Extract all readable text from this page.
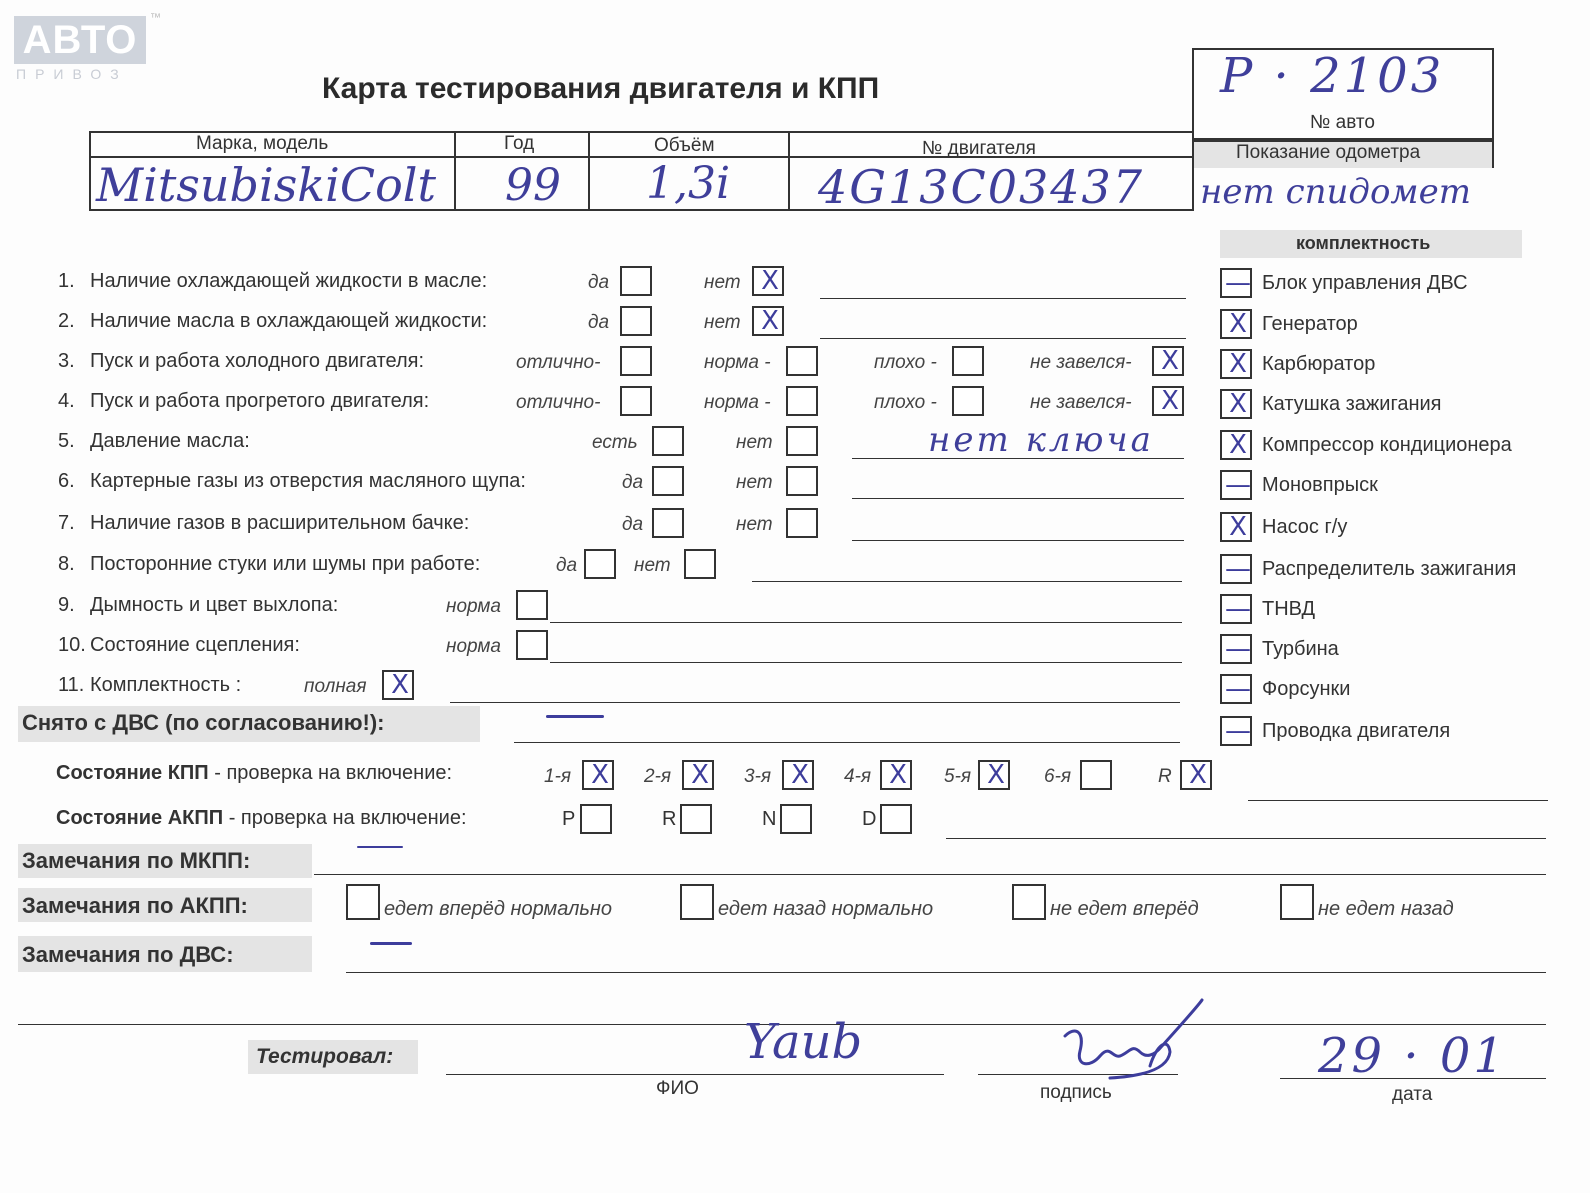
АВТО	™
ПРИВОЗ	Карта тестирования двигателя и КПП	Р · 2103
№ авто
Показание одометра
нет спидомет
Марка, модель	Год	Объём	№ двигателя
MitsubiskiColt 99 1,3i 4G13C03437
комплектность
— Блок управления ДВС
X Генератор
X Карбюратор
X Катушка зажигания
X Компрессор кондиционера
— Моновпрыск
X Насос г/у
— Распределитель зажигания
— ТНВД
— Турбина
— Форсунки
— Проводка двигателя
1. Наличие охлаждающей жидкости в масле:	да	нет X
2. Наличие масла в охлаждающей жидкости:	да	нет X
3. Пуск и работа холодного двигателя:	отлично-	норма -	плохо -	не завелся- X
4. Пуск и работа прогретого двигателя:	отлично-	норма -	плохо -	не завелся- X
5. Давление масла:	есть	нет	нет ключа
6. Картерные газы из отверстия масляного щупа:	да	нет
7. Наличие газов в расширительном бачке:	да	нет
8. Посторонние стуки или шумы при работе:	да	нет
9. Дымность и цвет выхлопа:	норма
10. Состояние сцепления:	норма
11. Комплектность :	полная X
Снято с ДВС (по согласованию!):
Состояние КПП - проверка на включение:	1-я X	2-я X	3-я X	4-я X	5-я X	6-я	R X
Состояние АКПП - проверка на включение:	P	R	N	D
Замечания по МКПП:
Замечания по АКПП:	едет вперёд нормально	едет назад нормально	не едет вперёд	не едет назад
Замечания по ДВС:
Тестировал:	Yaub
ФИО	подпись
29 · 01
дата
